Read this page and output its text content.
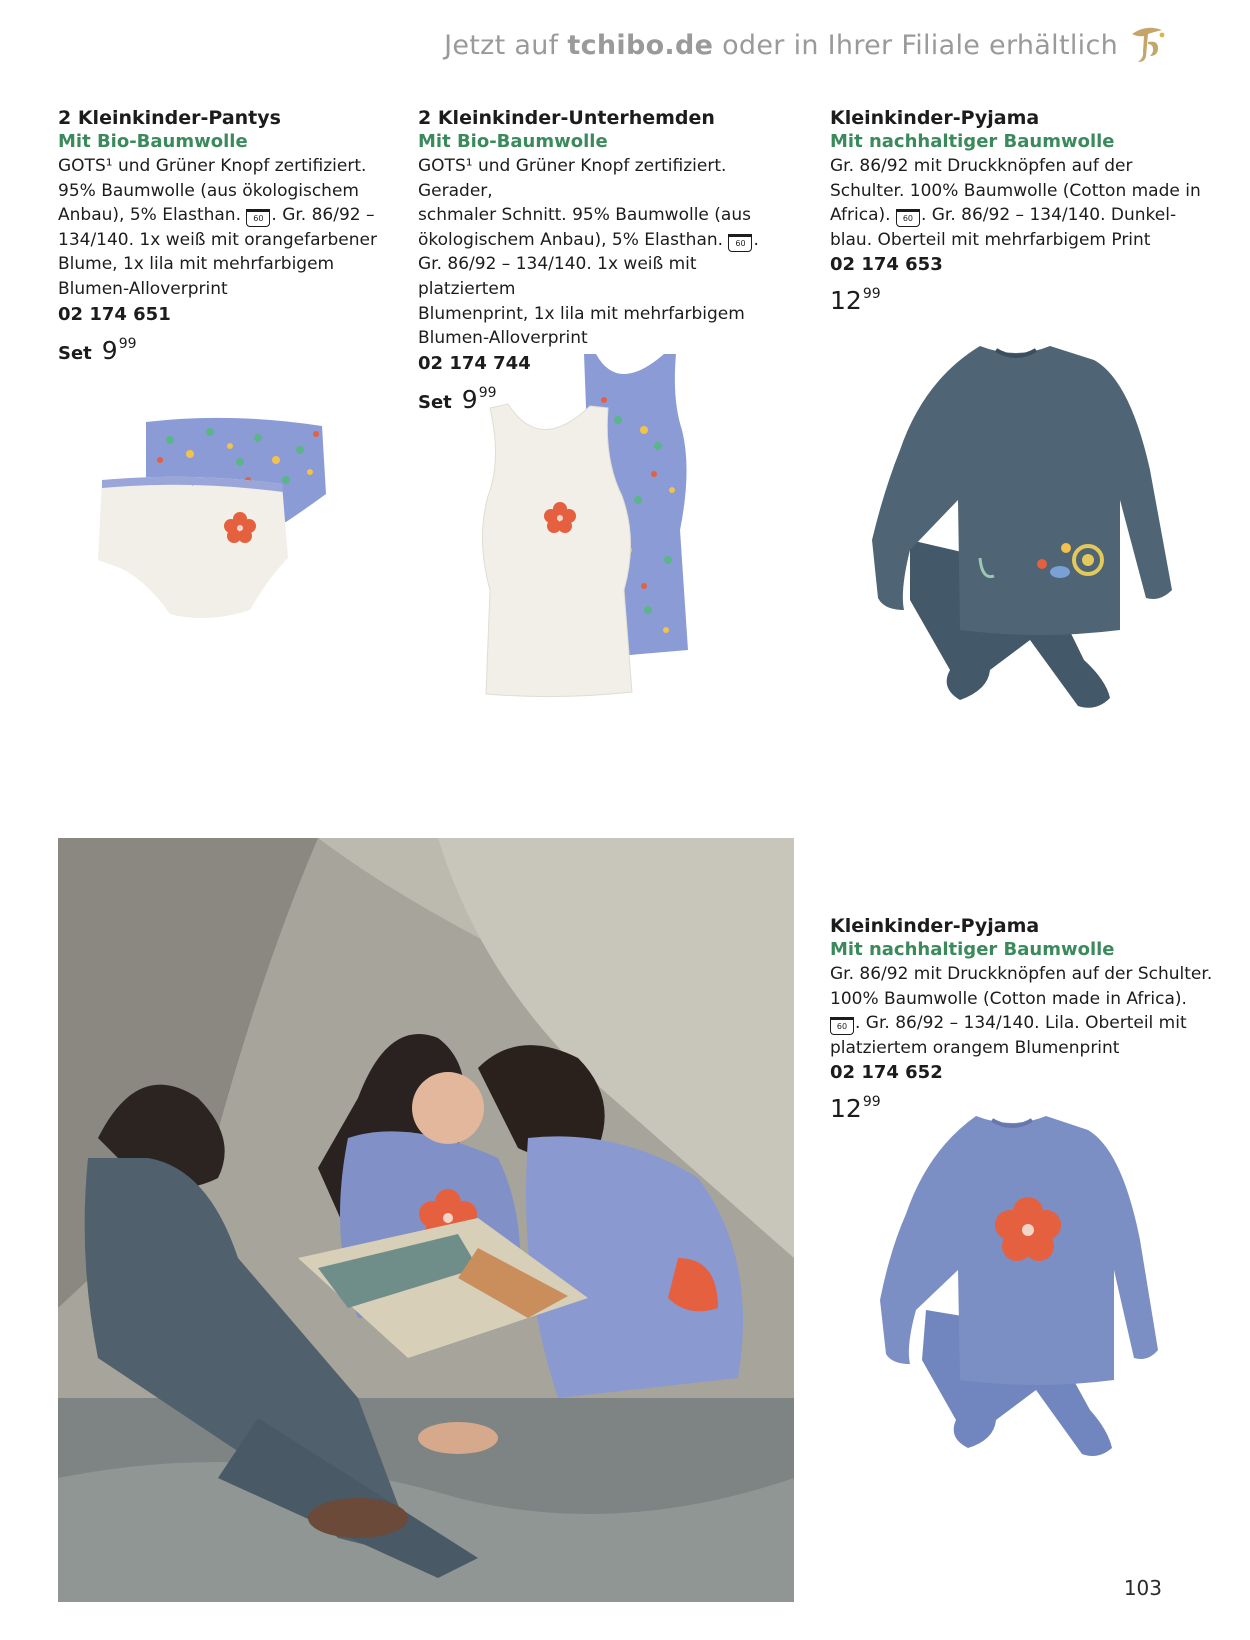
Jetzt auf tchibo.de oder in Ihrer Filiale erhältlich
2 Kleinkinder-Pantys
Mit Bio-Baumwolle

GOTS¹ und Grüner Knopf zertifiziert.
95% Baumwolle (aus ökologischem
Anbau), 5% Elasthan. 60 . Gr. 86/92 –
134/140. 1x weiß mit orangefarbener
Blume, 1x lila mit mehrfarbigem
Blumen-Alloverprint

02 174 651
Set 999
2 Kleinkinder-Unterhemden
Mit Bio-Baumwolle

GOTS¹ und Grüner Knopf zertifiziert. Gerader,
schmaler Schnitt. 95% Baumwolle (aus
ökologischem Anbau), 5% Elasthan. 60 .
Gr. 86/92 – 134/140. 1x weiß mit platziertem
Blumenprint, 1x lila mit mehrfarbigem
Blumen-Alloverprint

02 174 744
Set 999
Kleinkinder-Pyjama
Mit nachhaltiger Baumwolle

Gr. 86/92 mit Druckknöpfen auf der
Schulter. 100% Baumwolle (Cotton made in
Africa). 60 . Gr. 86/92 – 134/140. Dunkel-
blau. Oberteil mit mehrfarbigem Print

02 174 653
1299
Kleinkinder-Pyjama
Mit nachhaltiger Baumwolle

Gr. 86/92 mit Druckknöpfen auf der Schulter.
100% Baumwolle (Cotton made in Africa).
60 . Gr. 86/92 – 134/140. Lila. Oberteil mit
platziertem orangem Blumenprint

02 174 652
1299
103
